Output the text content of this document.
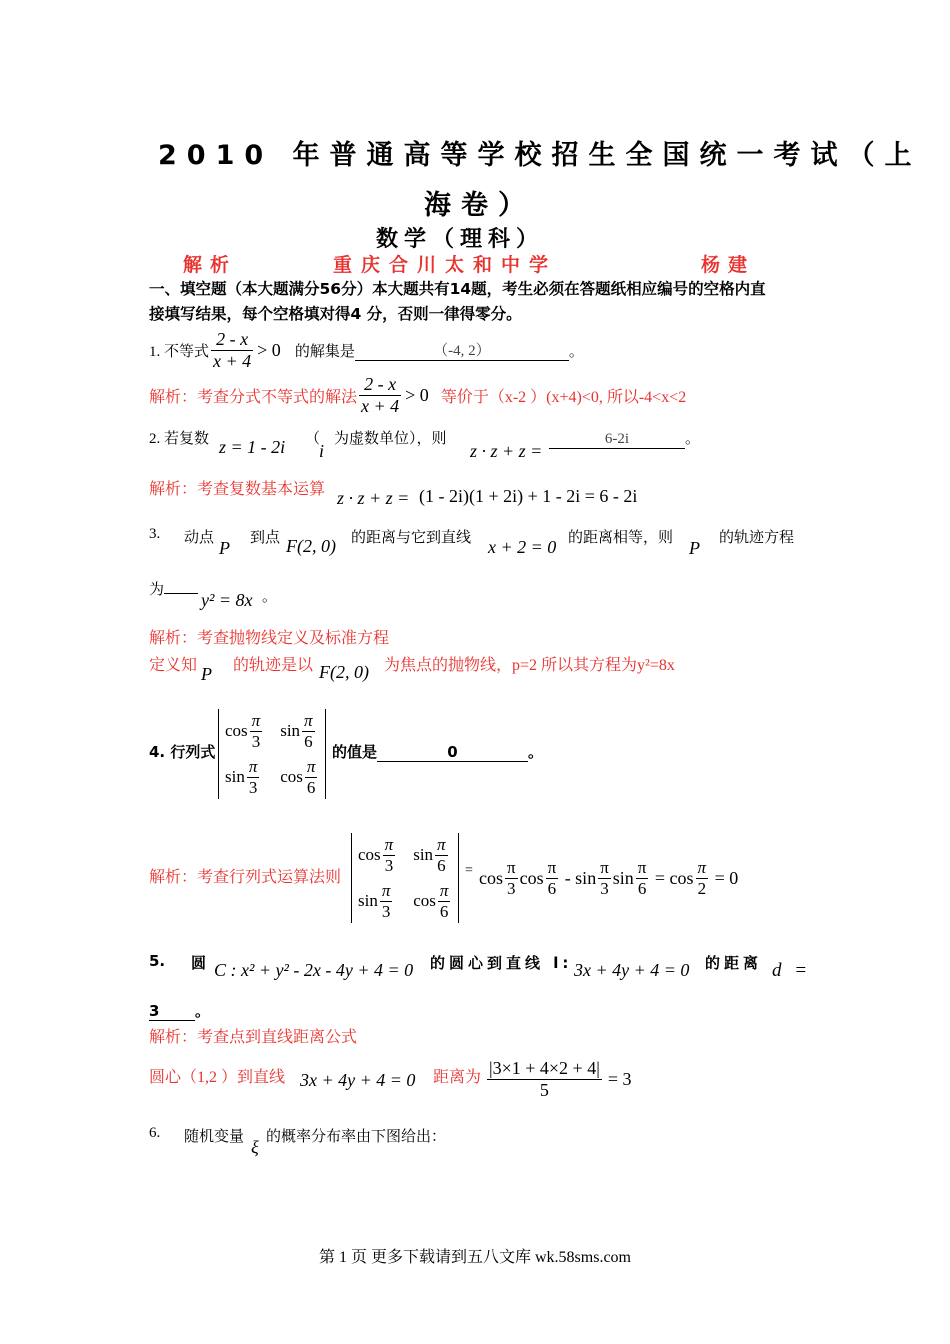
2010 年普通高等学校招生全国统一考试（上
海卷）
数学（理科）
解析	重庆合川太和中学	杨建
一、填空题（本大题满分56分）本大题共有14题，考生必须在答题纸相应编号的空格内直
接填写结果，每个空格填对得4 分，否则一律得零分。
1. 不等式 $\frac{2 - x}{x + 4} > 0$ 的解集是	（-4, 2）	。
解析：考查分式不等式的解法 $\frac{2 - x}{x + 4} > 0$ 等价于（x-2 ）(x+4)<0, 所以-4<x<2
2. 若复数 z = 1 - 2i （
i
为虚数单位），则
z · z + z =
6-2i	。
解析：考查复数基本运算 z · z + z = (1 - 2i)(1 + 2i) + 1 - 2i = 6 - 2i
3. 动点 P 到点 F(2, 0) 的距离与它到直线 x + 2 = 0 的距离相等，则 P 的轨迹方程
为	y² = 8x 。
解析：考查抛物线定义及标准方程
定义知 P 的轨迹是以 F(2, 0) 为焦点的抛物线，p=2 所以其方程为y²=8x
4. 行列式
$\cos \frac{\pi}{3}$ $\sin \frac{\pi}{6}$
$\sin \frac{\pi}{3}$ $\cos \frac{\pi}{6}$
的值是	0	。
解析：考查行列式运算法则
$\cos \frac{\pi}{3}$ $\sin \frac{\pi}{6}$
$\sin \frac{\pi}{3}$ $\cos \frac{\pi}{6}$
= $\cos \frac{\pi}{3}$ $\cos \frac{\pi}{6}$ - $\sin \frac{\pi}{3}$ $\sin \frac{\pi}{6} = \cos \frac{\pi}{2} = 0$
5. 圆 C : x² + y² - 2x - 4y + 4 = 0 的圆心到直线 l: 3x + 4y + 4 = 0 的距离 d =
3 。
解析：考查点到直线距离公式
圆心（1,2 ）到直线 3x + 4y + 4 = 0 距离为 $\frac{|3\times 1 + 4\times 2 + 4|}{5} = 3$
6. 随机变量 ξ 的概率分布率由下图给出：
第 1 页 更多下载请到五八文库 wk.58sms.com
